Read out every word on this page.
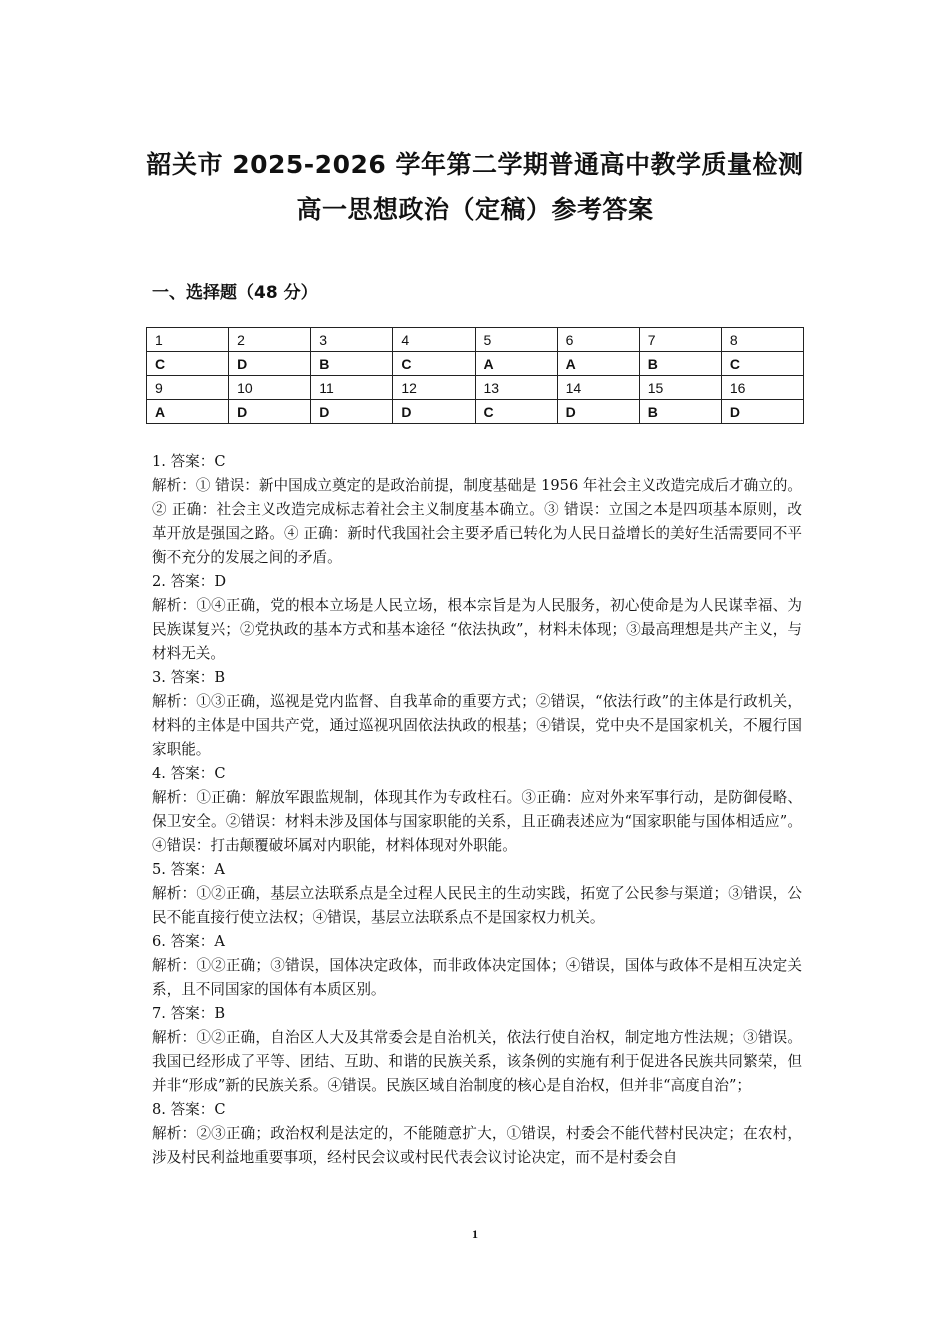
韶关市 2025-2026 学年第二学期普通高中教学质量检测
高一思想政治（定稿）参考答案
一、选择题（48 分）
1	2	3	4	5	6	7	8
C	D	B	C	A	A	B	C
9	10	11	12	13	14	15	16
A	D	D	D	C	D	B	D

1. 答案：C

解析：① 错误：新中国成立奠定的是政治前提，制度基础是 1956 年社会主义改造完成后才确立的。② 正确：社会主义改造完成标志着社会主义制度基本确立。③ 错误：立国之本是四项基本原则，改革开放是强国之路。④ 正确：新时代我国社会主要矛盾已转化为人民日益增长的美好生活需要同不平衡不充分的发展之间的矛盾。

2. 答案：D

解析：①④正确，党的根本立场是人民立场，根本宗旨是为人民服务，初心使命是为人民谋幸福、为民族谋复兴；②党执政的基本方式和基本途径 “依法执政”，材料未体现；③最高理想是共产主义，与材料无关。

3. 答案：B

解析：①③正确，巡视是党内监督、自我革命的重要方式；②错误，“依法行政”的主体是行政机关，材料的主体是中国共产党，通过巡视巩固依法执政的根基；④错误，党中央不是国家机关，不履行国家职能。

4. 答案：C

解析：①正确：解放军跟监规制，体现其作为专政柱石。③正确：应对外来军事行动，是防御侵略、保卫安全。②错误：材料未涉及国体与国家职能的关系，且正确表述应为“国家职能与国体相适应”。④错误：打击颠覆破坏属对内职能，材料体现对外职能。

5. 答案：A

解析：①②正确，基层立法联系点是全过程人民民主的生动实践，拓宽了公民参与渠道；③错误，公民不能直接行使立法权；④错误，基层立法联系点不是国家权力机关。

6. 答案：A

解析：①②正确；③错误，国体决定政体，而非政体决定国体；④错误，国体与政体不是相互决定关系，且不同国家的国体有本质区别。

7. 答案：B

解析：①②正确，自治区人大及其常委会是自治机关，依法行使自治权，制定地方性法规；③错误。我国已经形成了平等、团结、互助、和谐的民族关系，该条例的实施有利于促进各民族共同繁荣，但并非“形成”新的民族关系。④错误。民族区域自治制度的核心是自治权，但并非“高度自治”；

8. 答案：C

解析：②③正确；政治权利是法定的，不能随意扩大，①错误，村委会不能代替村民决定；在农村，涉及村民利益地重要事项，经村民会议或村民代表会议讨论决定，而不是村委会自

1
